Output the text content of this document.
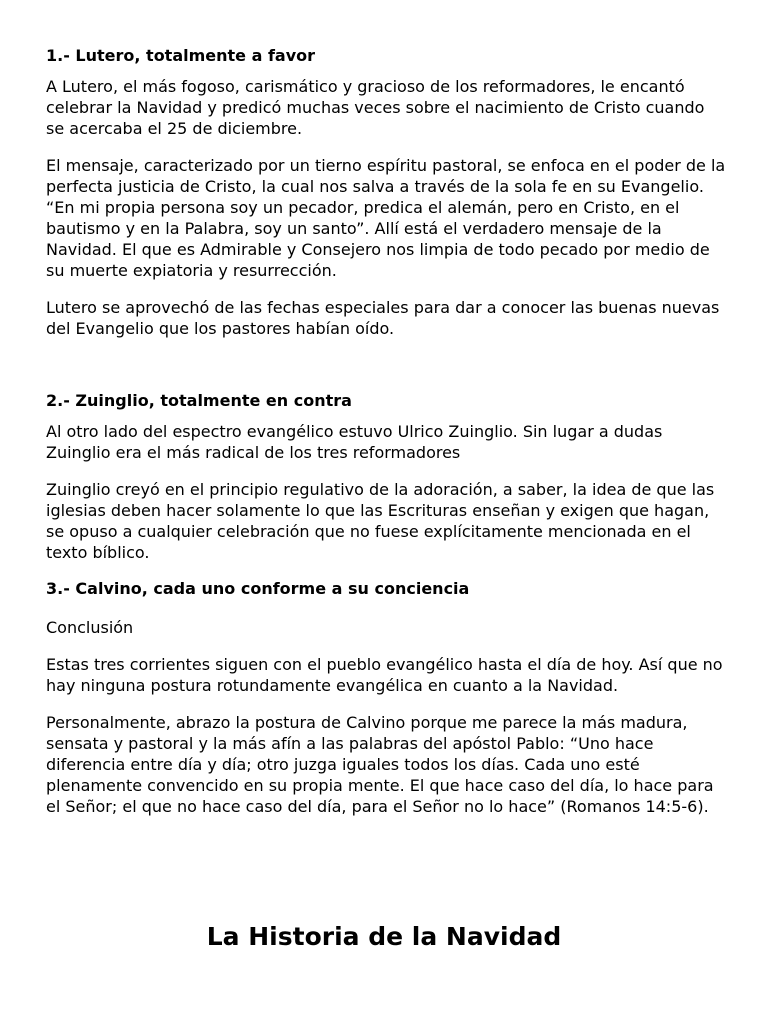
1.- Lutero, totalmente a favor

A Lutero, el más fogoso, carismático y gracioso de los reformadores, le encantó celebrar la Navidad y predicó muchas veces sobre el nacimiento de Cristo cuando se acercaba el 25 de diciembre.

El mensaje, caracterizado por un tierno espíritu pastoral, se enfoca en el poder de la perfecta justicia de Cristo, la cual nos salva a través de la sola fe en su Evangelio. “En mi propia persona soy un pecador, predica el alemán, pero en Cristo, en el bautismo y en la Palabra, soy un santo”. Allí está el verdadero mensaje de la Navidad. El que es Admirable y Consejero nos limpia de todo pecado por medio de su muerte expiatoria y resurrección.

Lutero se aprovechó de las fechas especiales para dar a conocer las buenas nuevas del Evangelio que los pastores habían oído.

2.- Zuinglio, totalmente en contra

Al otro lado del espectro evangélico estuvo Ulrico Zuinglio. Sin lugar a dudas Zuinglio era el más radical de los tres reformadores

Zuinglio creyó en el principio regulativo de la adoración, a saber, la idea de que las iglesias deben hacer solamente lo que las Escrituras enseñan y exigen que hagan, se opuso a cualquier celebración que no fuese explícitamente mencionada en el texto bíblico.

3.- Calvino, cada uno conforme a su conciencia

Conclusión

Estas tres corrientes siguen con el pueblo evangélico hasta el día de hoy. Así que no hay ninguna postura rotundamente evangélica en cuanto a la Navidad.

Personalmente, abrazo la postura de Calvino porque me parece la más madura, sensata y pastoral y la más afín a las palabras del apóstol Pablo: “Uno hace diferencia entre día y día; otro juzga iguales todos los días. Cada uno esté plenamente convencido en su propia mente. El que hace caso del día, lo hace para el Señor; el que no hace caso del día, para el Señor no lo hace” (Romanos 14:5-6).

La Historia de la Navidad
